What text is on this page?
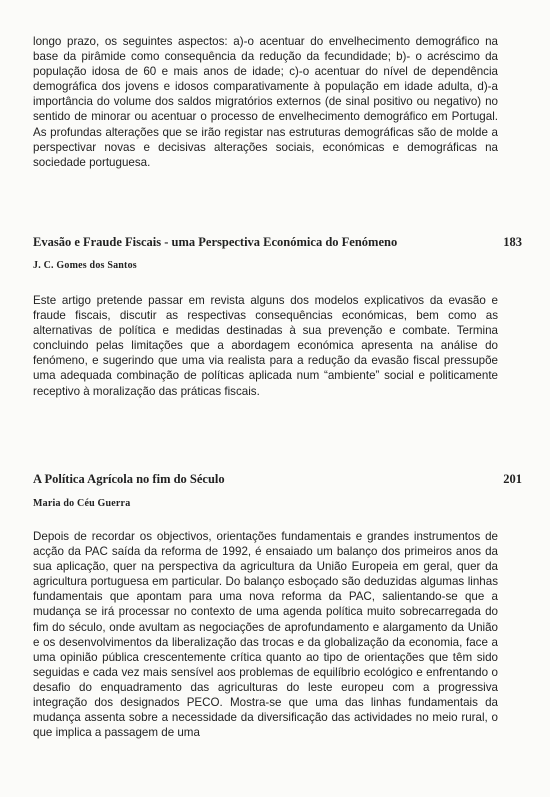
longo prazo, os seguintes aspectos: a)-o acentuar do envelhecimento demográfico na base da pirâmide como consequência da redução da fecundidade; b)- o acréscimo da população idosa de 60 e mais anos de idade; c)-o acentuar do nível de dependência demográfica dos jovens e idosos comparativamente à população em idade adulta, d)-a importância do volume dos saldos migratórios externos (de sinal positivo ou negativo) no sentido de minorar ou acentuar o processo de envelhecimento demográfico em Portugal. As profundas alterações que se irão registar nas estruturas demográficas são de molde a perspectivar novas e decisivas alterações sociais, económicas e demográficas na sociedade portuguesa.

Evasão e Fraude Fiscais - uma Perspectiva Económica do Fenómeno	183

J. C. Gomes dos Santos

Este artigo pretende passar em revista alguns dos modelos explicativos da evasão e fraude fiscais, discutir as respectivas consequências económicas, bem como as alternativas de política e medidas destinadas à sua prevenção e combate. Termina concluindo pelas limitações que a abordagem económica apresenta na análise do fenómeno, e sugerindo que uma via realista para a redução da evasão fiscal pressupõe uma adequada combinação de políticas aplicada num “ambiente” social e politicamente receptivo à moralização das práticas fiscais.

A Política Agrícola no fim do Século	201

Maria do Céu Guerra

Depois de recordar os objectivos, orientações fundamentais e grandes instrumentos de acção da PAC saída da reforma de 1992, é ensaiado um balanço dos primeiros anos da sua aplicação, quer na perspectiva da agricultura da União Europeia em geral, quer da agricultura portuguesa em particular. Do balanço esboçado são deduzidas algumas linhas fundamentais que apontam para uma nova reforma da PAC, salientando-se que a mudança se irá processar no contexto de uma agenda política muito sobrecarregada do fim do século, onde avultam as negociações de aprofundamento e alargamento da União e os desenvolvimentos da liberalização das trocas e da globalização da economia, face a uma opinião pública crescentemente crítica quanto ao tipo de orientações que têm sido seguidas e cada vez mais sensível aos problemas de equilíbrio ecológico e enfrentando o desafio do enquadramento das agriculturas do leste europeu com a progressiva integração dos designados PECO. Mostra-se que uma das linhas fundamentais da mudança assenta sobre a necessidade da diversificação das actividades no meio rural, o que implica a passagem de uma
